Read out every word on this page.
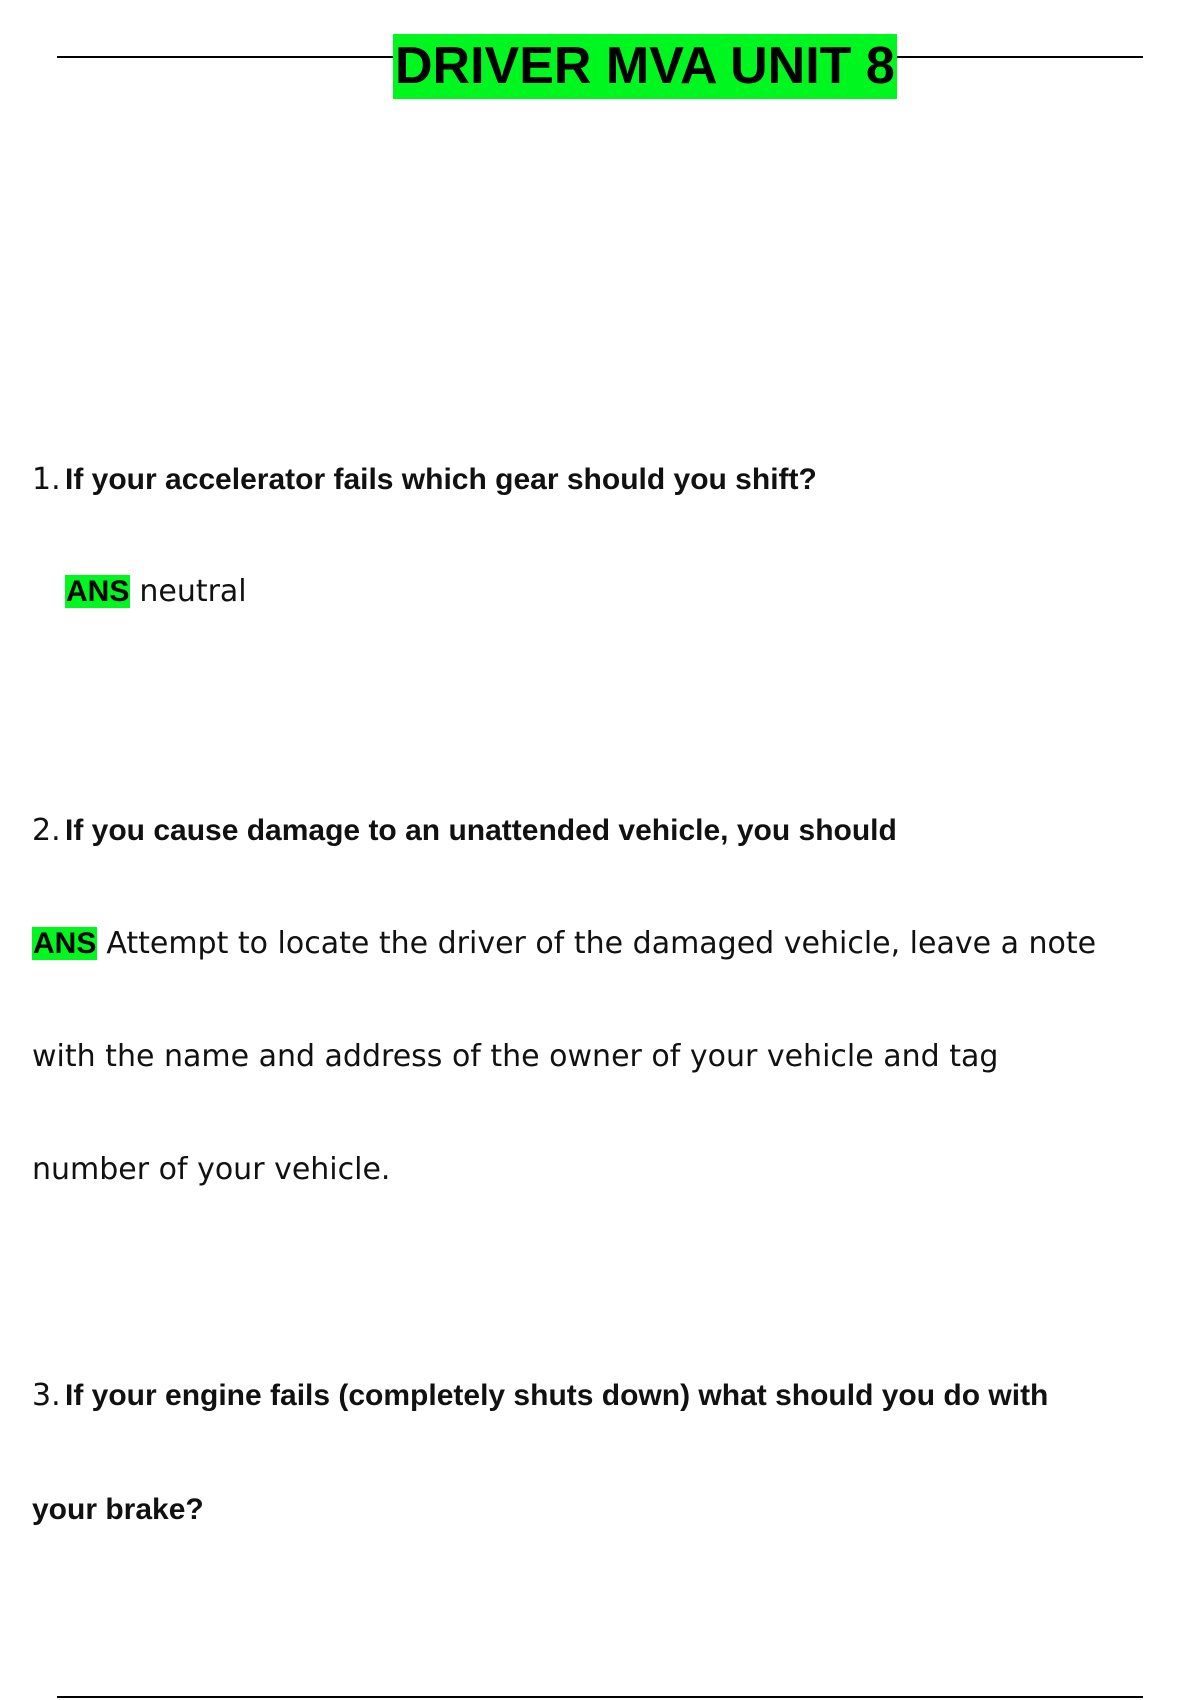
DRIVER MVA UNIT 8
1. If your accelerator fails which gear should you shift?
ANS neutral
2. If you cause damage to an unattended vehicle, you should
ANS Attempt to locate the driver of the damaged vehicle, leave a note
with the name and address of the owner of your vehicle and tag
number of your vehicle.
3. If your engine fails (completely shuts down) what should you do with
your brake?
